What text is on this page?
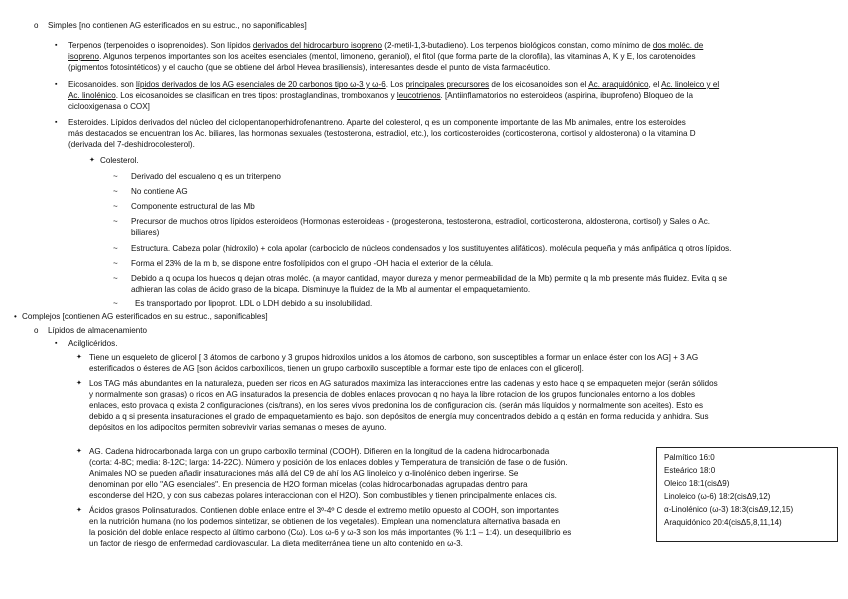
o Simples [no contienen AG esterificados en su estruc., no saponificables]
▪ Terpenos (terpenoides o isoprenoides). Son lípidos derivados del hidrocarburo isopreno (2-metil-1,3-butadieno). Los terpenos biológicos constan, como mínimo de dos moléc. de
isopreno. Algunos terpenos importantes son los aceites esenciales (mentol, limoneno, geraniol), el fitol (que forma parte de la clorofila), las vitaminas A, K y E, los carotenoides
(pigmentos fotosintéticos) y el caucho (que se obtiene del árbol Hevea brasiliensis), interesantes desde el punto de vista farmacéutico.
▪ Eicosanoides. son lípidos derivados de los AG esenciales de 20 carbonos tipo ω-3 y ω-6. Los principales precursores de los eicosanoides son el Ac. araquidónico, el Ac. linoleico y el
Ac. linolénico. Los eicosanoides se clasifican en tres tipos: prostaglandinas, tromboxanos y leucotrienos. [Antiinflamatorios no esteroideos (aspirina, ibuprofeno) Bloqueo de la
ciclooxigenasa o COX]
▪ Esteroides. Lípidos derivados del núcleo del ciclopentanoperhidrofenantreno. Aparte del colesterol, q es un componente importante de las Mb animales, entre los esteroides
más destacados se encuentran los Ac. biliares, las hormonas sexuales (testosterona, estradiol, etc.), los corticosteroides (corticosterona, cortisol y aldosterona) o la vitamina D
(derivada del 7-deshidrocolesterol).
✦ Colesterol.
~ Derivado del escualeno q es un triterpeno
~ No contiene AG
~ Componente estructural de las Mb
~ Precursor de muchos otros lípidos esteroideos (Hormonas esteroideas - (progesterona, testosterona, estradiol, corticosterona, aldosterona, cortisol) y Sales o Ac.
biliares)
~ Estructura. Cabeza polar (hidroxilo) + cola apolar (carbociclo de núcleos condensados y los sustituyentes alifáticos). molécula pequeña y más anfipática q otros lípidos.
~ Forma el 23% de la m b, se dispone entre fosfolípidos con el grupo -OH hacia el exterior de la célula.
~ Debido a q ocupa los huecos q dejan otras moléc. (a mayor cantidad, mayor dureza y menor permeabilidad de la Mb) permite q la mb presente más fluidez. Evita q se
adhieran las colas de ácido graso de la bicapa. Disminuye la fluidez de la Mb al aumentar el empaquetamiento.
~ Es transportado por lipoprot. LDL o LDH debido a su insolubilidad.
• Complejos [contienen AG esterificados en su estruc., saponificables]
o Lípidos de almacenamiento
▪ Acilglicéridos.
✦ Tiene un esqueleto de glicerol [ 3 átomos de carbono y 3 grupos hidroxilos unidos a los átomos de carbono, son susceptibles a formar un enlace éster con los AG] + 3 AG
esterificados o ésteres de AG [son ácidos carboxílicos, tienen un grupo carboxilo susceptible a formar este tipo de enlaces con el glicerol].
✦ Los TAG más abundantes en la naturaleza, pueden ser ricos en AG saturados maximiza las interacciones entre las cadenas y esto hace q se empaqueten mejor (serán sólidos
y normalmente son grasas) o ricos en AG insaturados la presencia de dobles enlaces provocan q no haya la libre rotacion de los grupos funcionales entorno a los dobles
enlaces, esto provaca q exista 2 configuraciones (cis/trans), en los seres vivos predonina los de configuracion cis. (serán más líquidos y normalmente son aceites). Esto es
debido a q si presenta insaturaciones el grado de empaquetamiento es bajo. son depósitos de energía muy concentrados debido a q están en forma reducida y anhidra. Sus
depósitos en los adipocitos permiten sobrevivir varias semanas o meses de ayuno.
✦ AG. Cadena hidrocarbonada larga con un grupo carboxilo terminal (COOH). Difieren en la longitud de la cadena hidrocarbonada
(corta: 4-8C; media: 8-12C; larga: 14-22C). Número y posición de los enlaces dobles y Temperatura de transición de fase o de fusión.
Animales NO se pueden añadir insaturaciones más allá del C9 de ahí los AG linoleico y α-linolénico deben ingerirse. Se
denominan por ello "AG esenciales". En presencia de H2O forman micelas (colas hidrocarbonadas agrupadas dentro para
esconderse del H2O, y con sus cabezas polares interaccionan con el H2O). Son combustibles y tienen principalmente enlaces cis.
✦ Ácidos grasos Polinsaturados. Contienen doble enlace entre el 3º-4º C desde el extremo metilo opuesto al COOH, son importantes
en la nutrición humana (no los podemos sintetizar, se obtienen de los vegetales). Emplean una nomenclatura alternativa basada en
la posición del doble enlace respecto al último carbono (Cω). Los ω-6 y ω-3 son los más importantes (% 1:1 – 1:4). un desequilibrio es
un factor de riesgo de enfermedad cardiovascular. La dieta mediterránea tiene un alto contenido en ω-3.
Palmítico 16:0
Esteárico 18:0
Oleico 18:1(cisΔ9)
Linoleico (ω-6) 18:2(cisΔ9,12)
α-Linolénico (ω-3) 18:3(cisΔ9,12,15)
Araquidónico 20:4(cisΔ5,8,11,14)
